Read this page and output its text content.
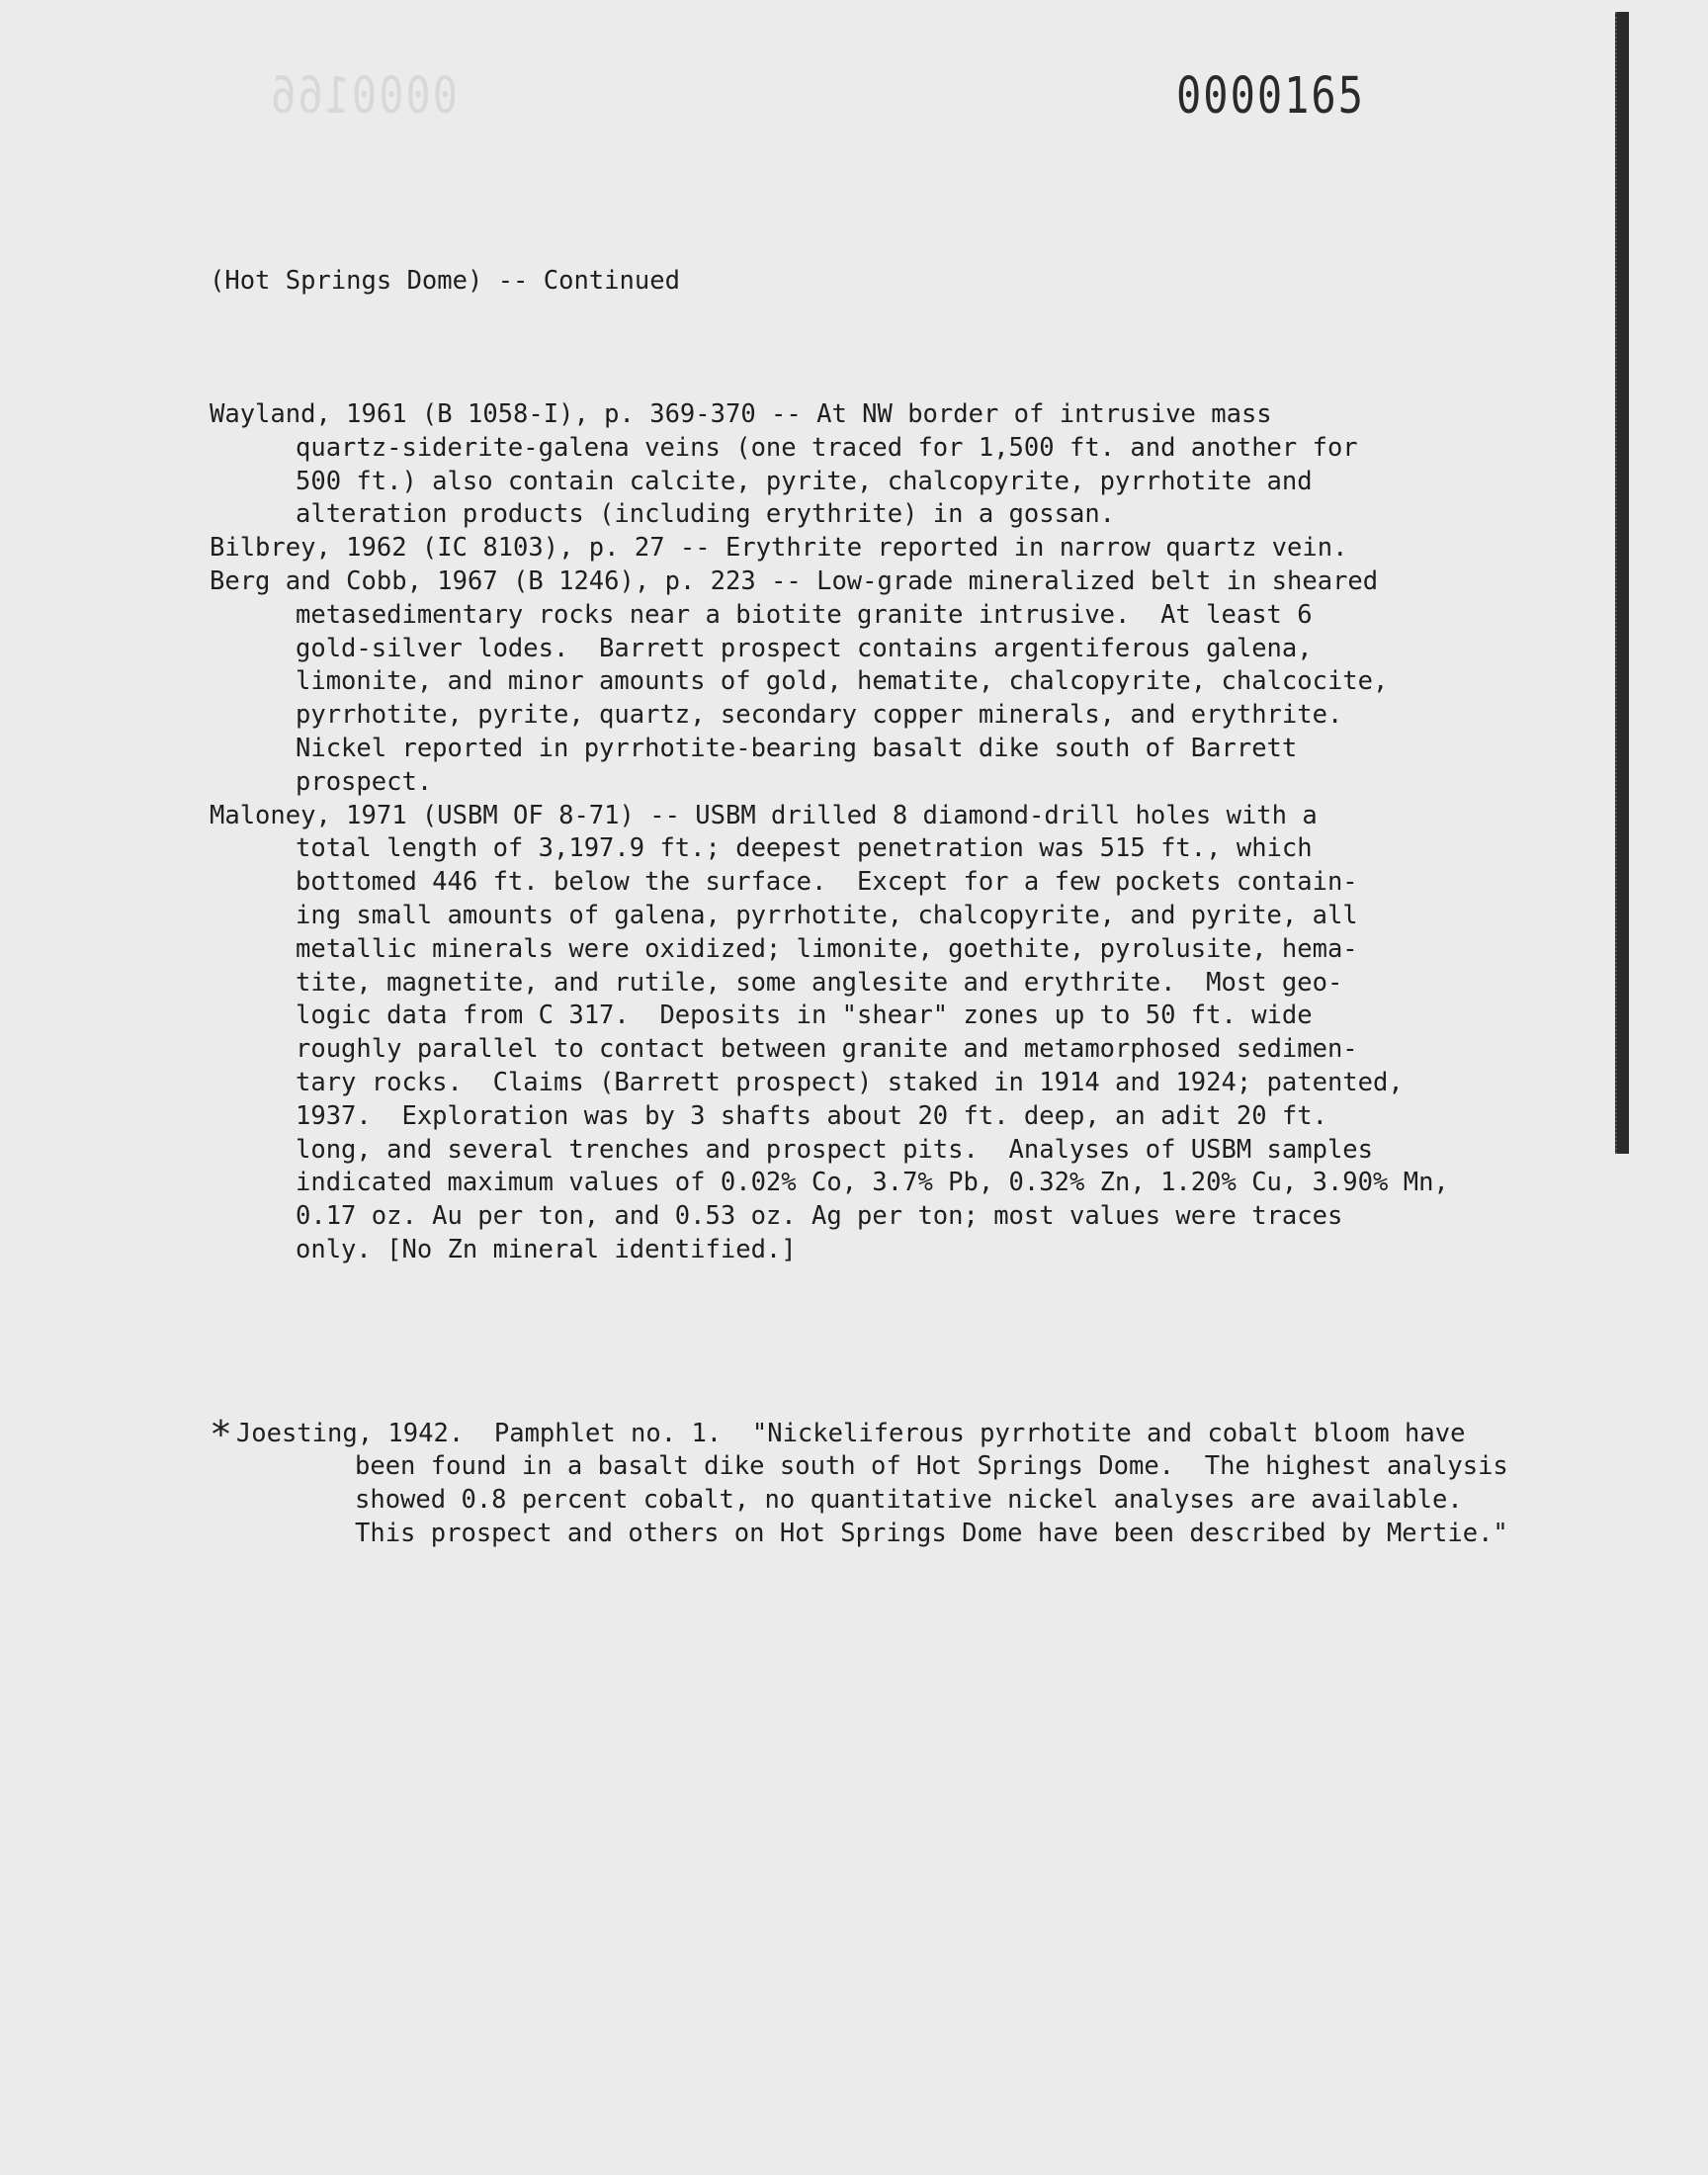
0000166	0000165

(Hot Springs Dome) -- Continued

Wayland, 1961 (B 1058-I), p. 369-370 -- At NW border of intrusive mass
quartz-siderite-galena veins (one traced for 1,500 ft. and another for
500 ft.) also contain calcite, pyrite, chalcopyrite, pyrrhotite and
alteration products (including erythrite) in a gossan.
Bilbrey, 1962 (IC 8103), p. 27 -- Erythrite reported in narrow quartz vein.
Berg and Cobb, 1967 (B 1246), p. 223 -- Low-grade mineralized belt in sheared
metasedimentary rocks near a biotite granite intrusive.  At least 6
gold-silver lodes.  Barrett prospect contains argentiferous galena,
limonite, and minor amounts of gold, hematite, chalcopyrite, chalcocite,
pyrrhotite, pyrite, quartz, secondary copper minerals, and erythrite.
Nickel reported in pyrrhotite-bearing basalt dike south of Barrett
prospect.
Maloney, 1971 (USBM OF 8-71) -- USBM drilled 8 diamond-drill holes with a
total length of 3,197.9 ft.; deepest penetration was 515 ft., which
bottomed 446 ft. below the surface.  Except for a few pockets contain-
ing small amounts of galena, pyrrhotite, chalcopyrite, and pyrite, all
metallic minerals were oxidized; limonite, goethite, pyrolusite, hema-
tite, magnetite, and rutile, some anglesite and erythrite.  Most geo-
logic data from C 317.  Deposits in "shear" zones up to 50 ft. wide
roughly parallel to contact between granite and metamorphosed sedimen-
tary rocks.  Claims (Barrett prospect) staked in 1914 and 1924; patented,
1937.  Exploration was by 3 shafts about 20 ft. deep, an adit 20 ft.
long, and several trenches and prospect pits.  Analyses of USBM samples
indicated maximum values of 0.02% Co, 3.7% Pb, 0.32% Zn, 1.20% Cu, 3.90% Mn,
0.17 oz. Au per ton, and 0.53 oz. Ag per ton; most values were traces
only. [No Zn mineral identified.]

* Joesting, 1942.  Pamphlet no. 1.  "Nickeliferous pyrrhotite and cobalt bloom have
been found in a basalt dike south of Hot Springs Dome.  The highest analysis
showed 0.8 percent cobalt, no quantitative nickel analyses are available.
This prospect and others on Hot Springs Dome have been described by Mertie."
